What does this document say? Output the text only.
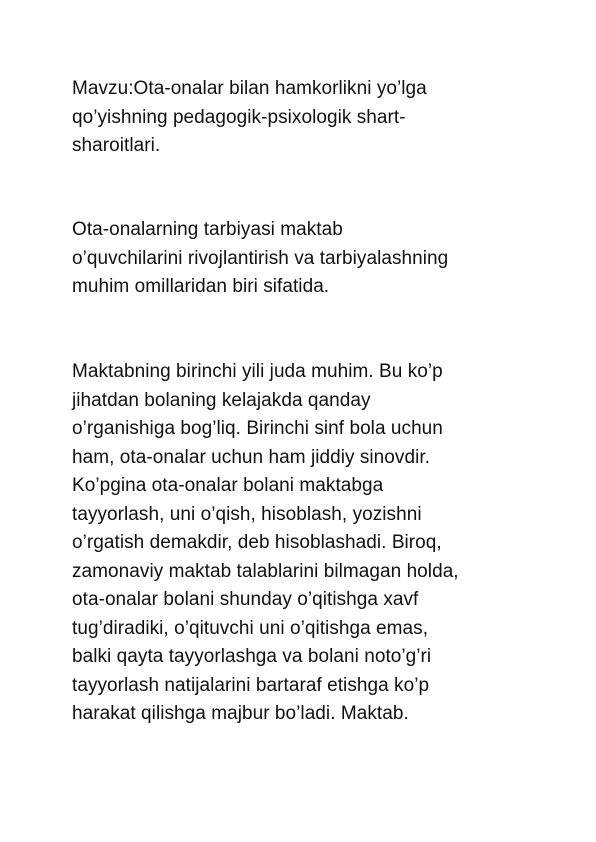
Mavzu:Ota-onalar bilan hamkorlikni yo’lga
qo’yishning pedagogik-psixologik shart-
sharoitlari.

Ota-onalarning tarbiyasi maktab
o’quvchilarini rivojlantirish va tarbiyalashning
muhim omillaridan biri sifatida.

Maktabning birinchi yili juda muhim. Bu ko’p
jihatdan bolaning kelajakda qanday
o’rganishiga bog’liq. Birinchi sinf bola uchun
ham, ota-onalar uchun ham jiddiy sinovdir.
Ko’pgina ota-onalar bolani maktabga
tayyorlash, uni o’qish, hisoblash, yozishni
o’rgatish demakdir, deb hisoblashadi. Biroq,
zamonaviy maktab talablarini bilmagan holda,
ota-onalar bolani shunday o’qitishga xavf
tug’diradiki, o’qituvchi uni o’qitishga emas,
balki qayta tayyorlashga va bolani noto’g’ri
tayyorlash natijalarini bartaraf etishga ko’p
harakat qilishga majbur bo’ladi. Maktab.
